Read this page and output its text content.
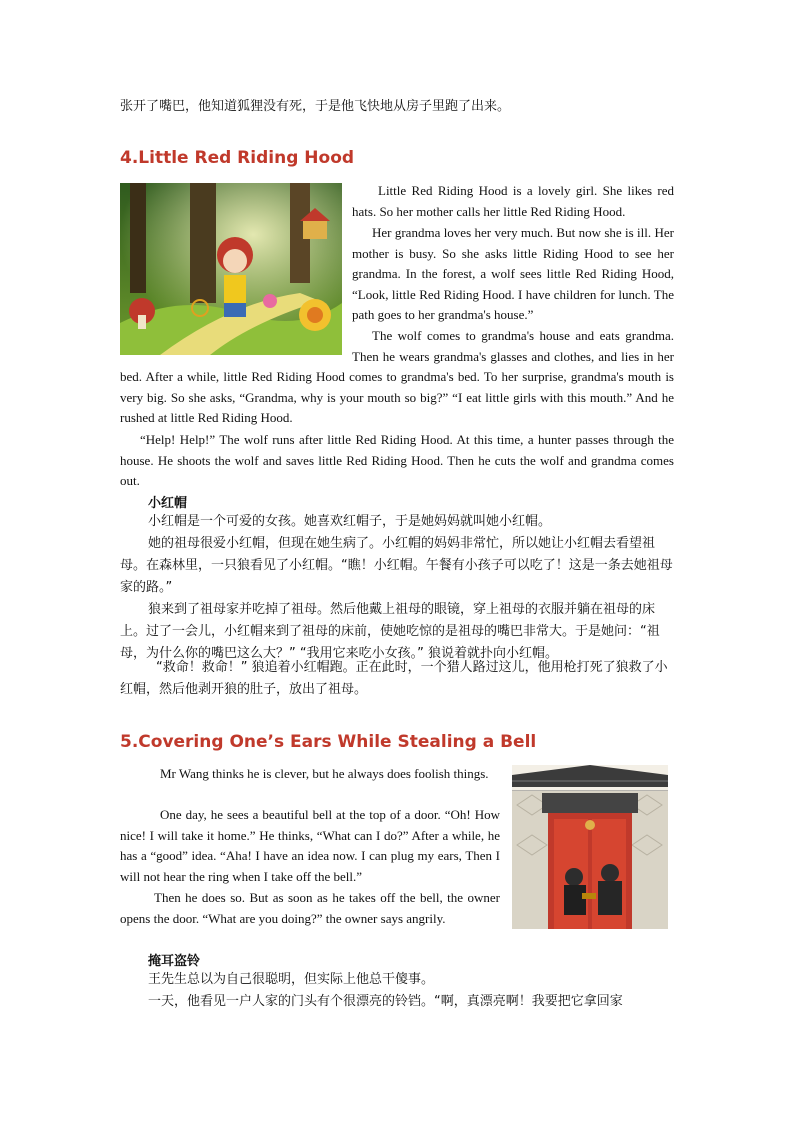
张开了嘴巴，他知道狐狸没有死，于是他飞快地从房子里跑了出来。

4.Little Red Riding Hood

Little Red Riding Hood is a lovely girl. She likes red hats. So her mother calls her little Red Riding Hood.

Her grandma loves her very much. But now she is ill. Her mother is busy. So she asks little Riding Hood to see her grandma. In the forest, a wolf sees little Red Riding Hood, “Look, little Red Riding Hood. I have children for lunch. The path goes to her grandma's house.”

The wolf comes to grandma's house and eats grandma. Then he wears grandma's glasses and clothes, and lies in her bed. After a while, little Red Riding Hood comes to grandma's bed. To her surprise, grandma's mouth is very big. So she asks, “Grandma, why is your mouth so big?” “I eat little girls with this mouth.” And he rushed at little Red Riding Hood.

“Help! Help!” The wolf runs after little Red Riding Hood. At this time, a hunter passes through the house. He shoots the wolf and saves little Red Riding Hood. Then he cuts the wolf and grandma comes out.

小红帽

小红帽是一个可爱的女孩。她喜欢红帽子，于是她妈妈就叫她小红帽。

她的祖母很爱小红帽，但现在她生病了。小红帽的妈妈非常忙，所以她让小红帽去看望祖母。在森林里，一只狼看见了小红帽。“瞧！小红帽。午餐有小孩子可以吃了！这是一条去她祖母家的路。”

狼来到了祖母家并吃掉了祖母。然后他戴上祖母的眼镜，穿上祖母的衣服并躺在祖母的床上。过了一会儿，小红帽来到了祖母的床前，使她吃惊的是祖母的嘴巴非常大。于是她问：“祖母，为什么你的嘴巴这么大？” “我用它来吃小女孩。” 狼说着就扑向小红帽。

“救命！救命！” 狼追着小红帽跑。正在此时，一个猎人路过这儿，他用枪打死了狼救了小红帽，然后他剥开狼的肚子，放出了祖母。

5.Covering One’s Ears While Stealing a Bell

Mr Wang thinks he is clever, but he always does foolish things.

One day, he sees a beautiful bell at the top of a door. “Oh! How nice! I will take it home.” He thinks, “What can I do?” After a while, he has a “good” idea. “Aha! I have an idea now. I can plug my ears, Then I will not hear the ring when I take off the bell.”

Then he does so. But as soon as he takes off the bell, the owner opens the door. “What are you doing?” the owner says angrily.

掩耳盗铃

王先生总以为自己很聪明，但实际上他总干傻事。

一天，他看见一户人家的门头有个很漂亮的铃铛。“啊，真漂亮啊！我要把它拿回家
